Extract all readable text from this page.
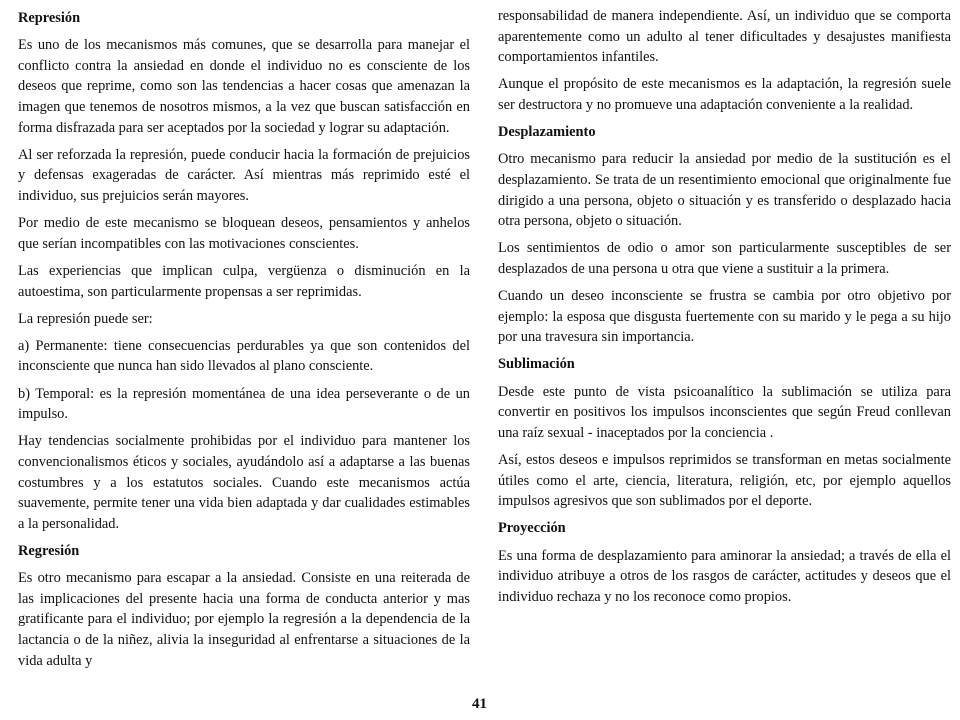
Represión

Es uno de los mecanismos más comunes, que se desarrolla para manejar el conflicto contra la ansiedad en donde el individuo no es consciente de los deseos que reprime, como son las tendencias a hacer cosas que amenazan la imagen que tenemos de nosotros mismos, a la vez que buscan satisfacción en forma disfrazada para ser aceptados por la sociedad y lograr su adaptación.

Al ser reforzada la represión, puede conducir hacia la formación de prejuicios y defensas exageradas de carácter. Así mientras más reprimido esté el individuo, sus prejuicios serán mayores.

Por medio de este mecanismo se bloquean deseos, pensamientos y anhelos que serían incompatibles con las motivaciones conscientes.

Las experiencias que implican culpa, vergüenza o disminución en la autoestima, son particularmente propensas a ser reprimidas.

La represión puede ser:

a) Permanente: tiene consecuencias perdurables ya que son contenidos del inconsciente que nunca han sido llevados al plano consciente.

b) Temporal: es la represión momentánea de una idea perseverante o de un impulso.

Hay tendencias socialmente prohibidas por el individuo para mantener los convencionalismos éticos y sociales, ayudándolo así a adaptarse a las buenas costumbres y a los estatutos sociales. Cuando este mecanismos actúa suavemente, permite tener una vida bien adaptada y dar cualidades estimables a la personalidad.

Regresión

Es otro mecanismo para escapar a la ansiedad. Consiste en una reiterada de las implicaciones del presente hacia una forma de conducta anterior y mas gratificante para el individuo; por ejemplo la regresión a la dependencia de la lactancia o de la niñez, alivia la inseguridad al enfrentarse a situaciones de la vida adulta y

responsabilidad de manera independiente. Así, un individuo que se comporta aparentemente como un adulto al tener dificultades y desajustes manifiesta comportamientos infantiles.

Aunque el propósito de este mecanismos es la adaptación, la regresión suele ser destructora y no promueve una adaptación conveniente a la realidad.

Desplazamiento

Otro mecanismo para reducir la ansiedad por medio de la sustitución es el desplazamiento. Se trata de un resentimiento emocional que originalmente fue dirigido a una persona, objeto o situación y es transferido o desplazado hacia otra persona, objeto o situación.

Los sentimientos de odio o amor son particularmente susceptibles de ser desplazados de una persona u otra que viene a sustituir a la primera.

Cuando un deseo inconsciente se frustra se cambia por otro objetivo por ejemplo: la esposa que disgusta fuertemente con su marido y le pega a su hijo por una travesura sin importancia.

Sublimación

Desde este punto de vista psicoanalítico la sublimación se utiliza para convertir en positivos los impulsos inconscientes que según Freud conllevan una raíz sexual - inaceptados por la conciencia .

Así, estos deseos e impulsos reprimidos se transforman en metas socialmente útiles como el arte, ciencia, literatura, religión, etc, por ejemplo aquellos impulsos agresivos que son sublimados por el deporte.

Proyección

Es una forma de desplazamiento para aminorar la ansiedad; a través de ella el individuo atribuye a otros de los rasgos de carácter, actitudes y deseos que el individuo rechaza y no los reconoce como propios.

41
